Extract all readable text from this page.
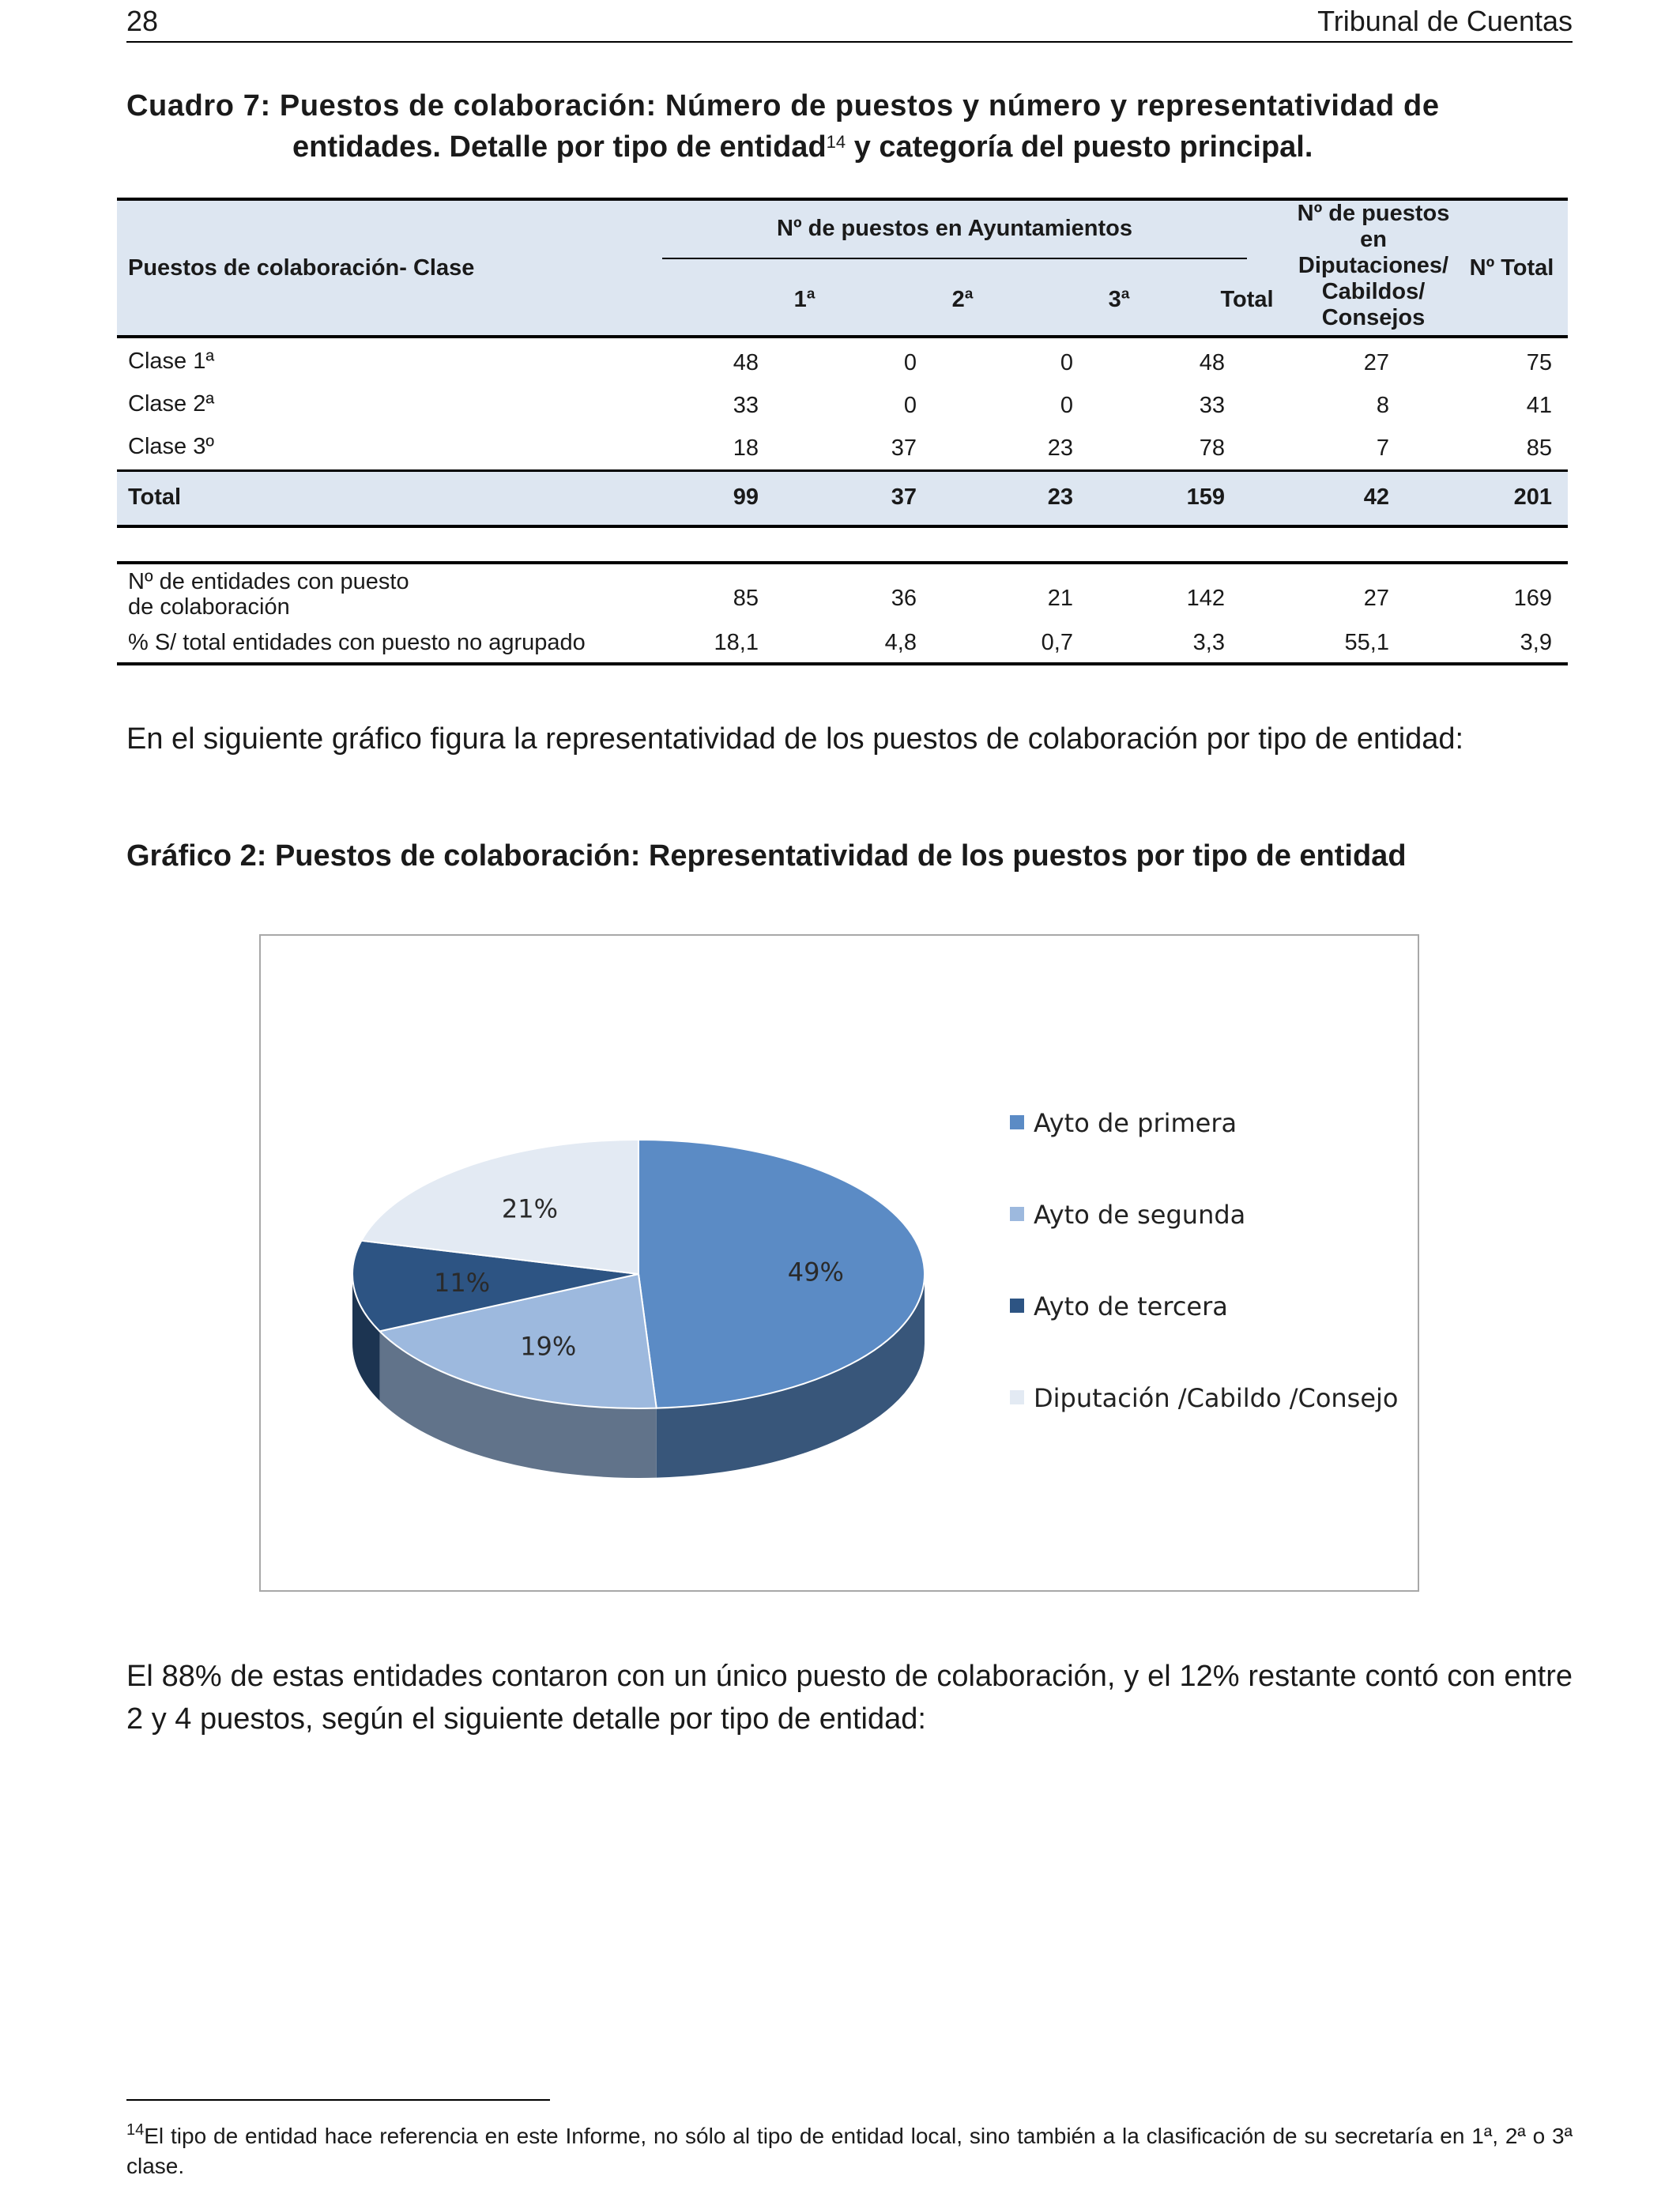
28	Tribunal de Cuentas
Cuadro 7: Puestos de colaboración: Número de puestos y número y representatividad de
entidades. Detalle por tipo de entidad$^{14}$ y categoría del puesto principal.
Puestos de colaboración- Clase
Nº de puestos en Ayuntamientos
1ª	2ª	3ª	Total
Nº de puestos
en
Diputaciones/
Cabildos/
Consejos
Nº Total
Clase 1ª	48	0	0	48	27	75
Clase 2ª	33	0	0	33	8	41
Clase 3º	18	37	23	78	7	85
Total	99	37	23	159	42	201
Nº de entidades con puesto
de colaboración	85	36	21	142	27	169
% S/ total entidades con puesto no agrupado	18,1	4,8	0,7	3,3	55,1	3,9
En el siguiente gráfico figura la representatividad de los puestos de colaboración por tipo de entidad:
Gráfico 2: Puestos de colaboración: Representatividad de los puestos por tipo de entidad
49%
19%
11%
21%
Ayto de primera
Ayto de segunda
Ayto de tercera
Diputación /Cabildo /Consejo
El 88% de estas entidades contaron con un único puesto de colaboración, y el 12% restante contó con entre 2 y 4 puestos, según el siguiente detalle por tipo de entidad:
$^{14}$El tipo de entidad hace referencia en este Informe, no sólo al tipo de entidad local, sino también a la clasificación de su secretaría en 1ª, 2ª o 3ª clase.
